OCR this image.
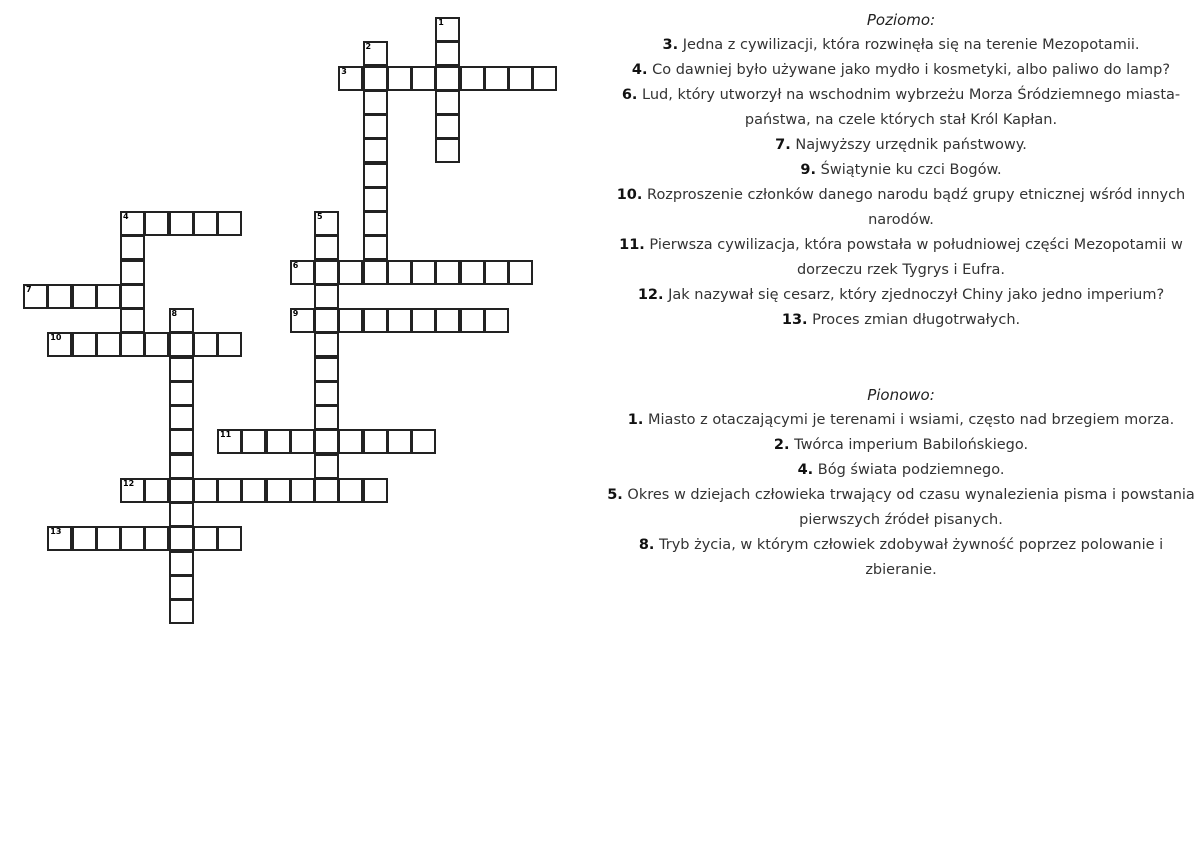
1
2
3
4	5
6
7
8	9
10
11
12
13

Poziomo:

3. Jedna z cywilizacji, która rozwinęła się na terenie Mezopotamii.

4. Co dawniej było używane jako mydło i kosmetyki, albo paliwo do lamp?

6. Lud, który utworzył na wschodnim wybrzeżu Morza Śródziemnego miasta-państwa, na czele których stał Król Kapłan.

7. Najwyższy urzędnik państwowy.

9. Świątynie ku czci Bogów.

10. Rozproszenie członków danego narodu bądź grupy etnicznej wśród innych narodów.

11. Pierwsza cywilizacja, która powstała w południowej części Mezopotamii w dorzeczu rzek Tygrys i Eufra.

12. Jak nazywał się cesarz, który zjednoczył Chiny jako jedno imperium?

13. Proces zmian długotrwałych.

Pionowo:

1. Miasto z otaczającymi je terenami i wsiami, często nad brzegiem morza.

2. Twórca imperium Babilońskiego.

4. Bóg świata podziemnego.

5. Okres w dziejach człowieka trwający od czasu wynalezienia pisma i powstania pierwszych źródeł pisanych.

8. Tryb życia, w którym człowiek zdobywał żywność poprzez polowanie i zbieranie.
